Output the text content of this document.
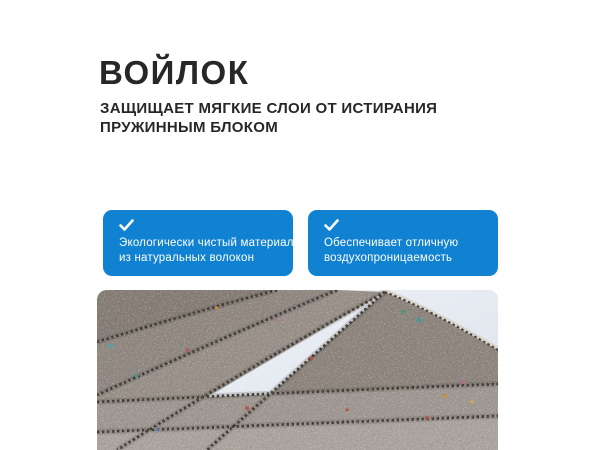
ВОЙЛОК
ЗАЩИЩАЕТ МЯГКИЕ СЛОИ ОТ ИСТИРАНИЯ
ПРУЖИННЫМ БЛОКОМ
Экологически чистый материал
из натуральных волокон
Обеспечивает отличную
воздухопроницаемость
